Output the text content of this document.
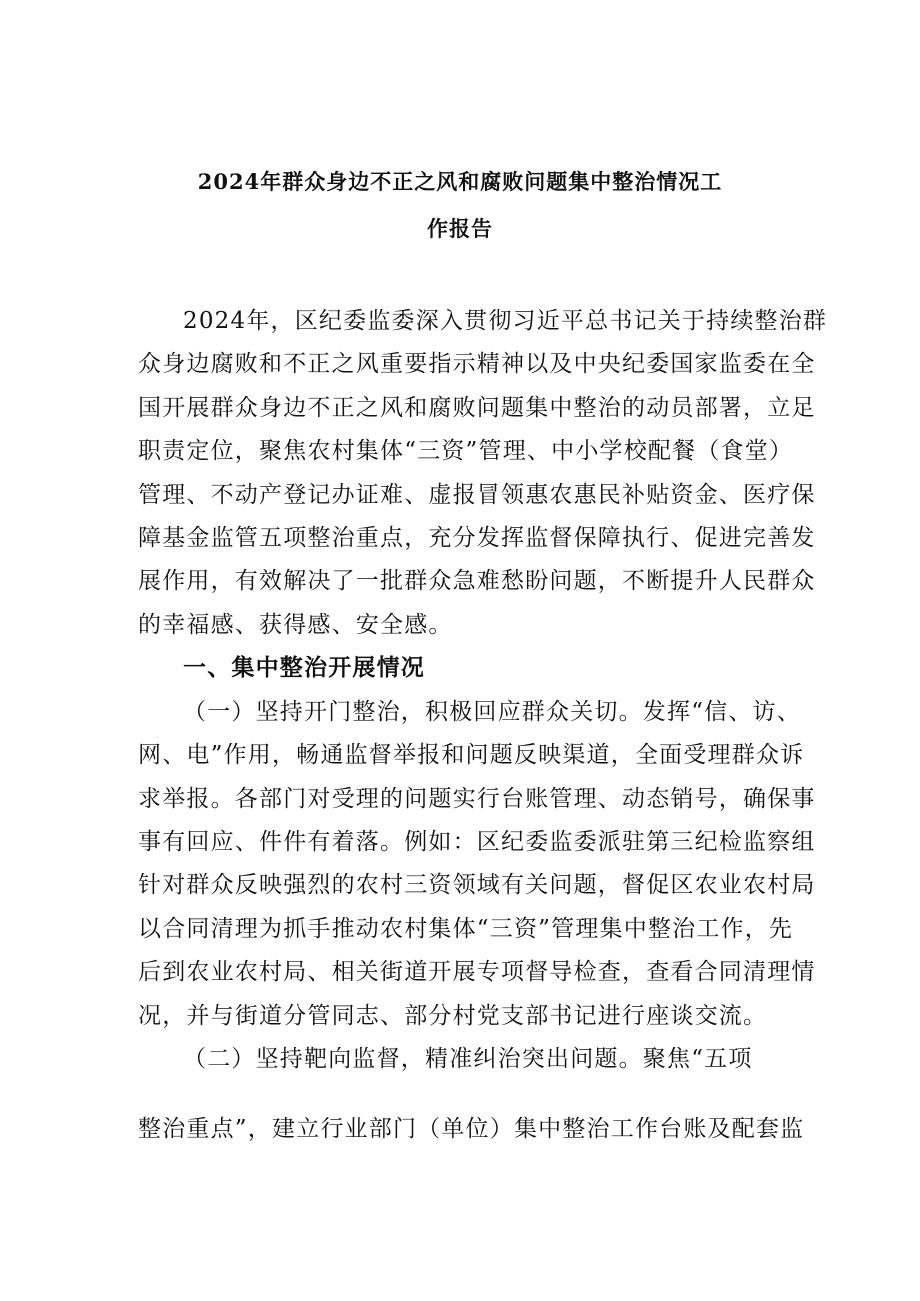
2024年群众身边不正之风和腐败问题集中整治情况工
作报告
2024年，区纪委监委深入贯彻习近平总书记关于持续整治群
众身边腐败和不正之风重要指示精神以及中央纪委国家监委在全
国开展群众身边不正之风和腐败问题集中整治的动员部署，立足
职责定位，聚焦农村集体“三资”管理、中小学校配餐（食堂）
管理、不动产登记办证难、虚报冒领惠农惠民补贴资金、医疗保
障基金监管五项整治重点，充分发挥监督保障执行、促进完善发
展作用，有效解决了一批群众急难愁盼问题，不断提升人民群众
的幸福感、获得感、安全感。
一、集中整治开展情况
（一）坚持开门整治，积极回应群众关切。发挥“信、访、
网、电”作用，畅通监督举报和问题反映渠道，全面受理群众诉
求举报。各部门对受理的问题实行台账管理、动态销号，确保事
事有回应、件件有着落。例如：区纪委监委派驻第三纪检监察组
针对群众反映强烈的农村三资领域有关问题，督促区农业农村局
以合同清理为抓手推动农村集体“三资”管理集中整治工作，先
后到农业农村局、相关街道开展专项督导检查，查看合同清理情
况，并与街道分管同志、部分村党支部书记进行座谈交流。
（二）坚持靶向监督，精准纠治突出问题。聚焦“五项
整治重点”，建立行业部门（单位）集中整治工作台账及配套监
